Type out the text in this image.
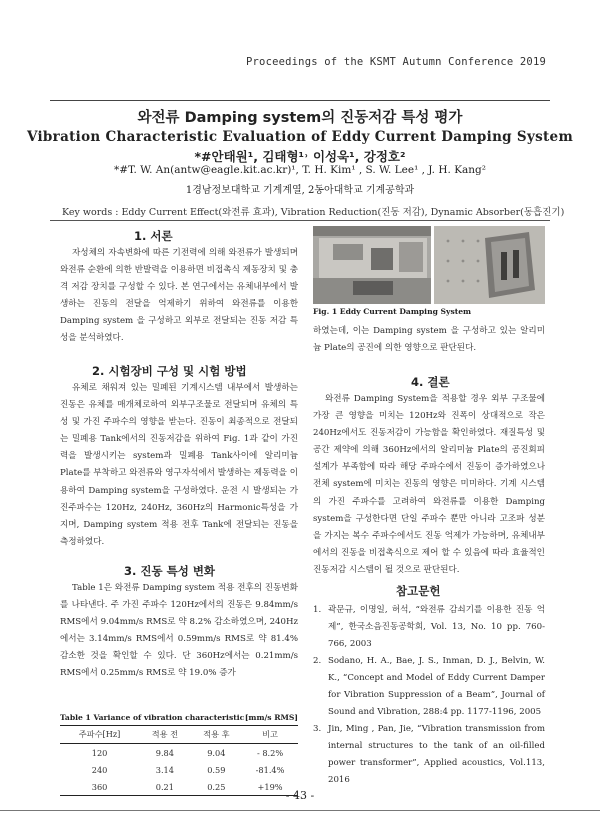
Proceedings of the KSMT Autumn Conference 2019
와전류 Damping system의 진동저감 특성 평가
Vibration Characteristic Evaluation of Eddy Current Damping System
*#안태원¹, 김태형¹˒ 이성욱¹, 강정호²
*#T. W. An(antw@eagle.kit.ac.kr)¹, T. H. Kim¹ , S. W. Lee¹ , J. H. Kang²
1경남정보대학교 기계계열, 2동아대학교 기계공학과
Key words : Eddy Current Effect(와전류 효과), Vibration Reduction(진동 저감), Dynamic Absorber(동흡진기)
1. 서론

자성체의 자속변화에 따른 기전력에 의해 와전류가 발생되며 와전류 순환에 의한 반발력을 이용하면 비접촉식 제동장치 및 충격 저감 장치를 구성할 수 있다. 본 연구에서는 유체내부에서 발생하는 진동의 전달을 억제하기 위하여 와전류를 이용한 Damping system 을 구성하고 외부로 전달되는 진동 저감 특성을 분석하였다.

2. 시험장비 구성 및 시험 방법

유체로 채워져 있는 밀폐된 기계시스템 내부에서 발생하는 진동은 유체를 매개체로하여 외부구조물로 전달되며 유체의 특성 및 가진 주파수의 영향을 받는다. 진동이 최종적으로 전달되는 밀폐용 Tank에서의 진동저감을 위하여 Fig. 1과 같이 가진력을 발생시키는 system과 밀폐용 Tank사이에 알리미늄 Plate를 부착하고 와전류와 영구자석에서 발생하는 제동력을 이용하여 Damping system을 구성하였다. 운전 시 발생되는 가진주파수는 120Hz, 240Hz, 360Hz의 Harmonic특성을 가지며, Damping system 적용 전후 Tank에 전달되는 진동을 측정하였다.

3. 진동 특성 변화

Table 1은 와전류 Damping system 적용 전후의 진동변화를 나타낸다. 주 가진 주파수 120Hz에서의 진동은 9.84mm/s RMS에서 9.04mm/s RMS로 약 8.2% 감소하였으며, 240Hz에서는 3.14mm/s RMS에서 0.59mm/s RMS로 약 81.4% 감소한 것을 확인할 수 있다. 단 360Hz에서는 0.21mm/s RMS에서 0.25mm/s RMS로 약 19.0% 증가

Table 1 Variance of vibration characteristic [mm/s RMS]
주파수[Hz]	적용 전	적용 후	비고
120	9.84	9.04	- 8.2%
240	3.14	0.59	-81.4%
360	0.21	0.25	+19%
Fig. 1 Eddy Current Damping System

하였는데, 이는 Damping system 을 구성하고 있는 알리미늄 Plate의 공진에 의한 영향으로 판단된다.

4. 결론

와전류 Damping System을 적용할 경우 외부 구조물에 가장 큰 영향을 미치는 120Hz와 진폭이 상대적으로 작은 240Hz에서도 진동저감이 가능함을 확인하였다. 재질특성 및 공간 제약에 의해 360Hz에서의 알리미늄 Plate의 공진회피 설계가 부족함에 따라 해당 주파수에서 진동이 증가하였으나 전체 system에 미치는 진동의 영향은 미미하다. 기계 시스템의 가진 주파수를 고려하여 와전류를 이용한 Damping system을 구성한다면 단일 주파수 뿐만 아니라 고조파 성분을 가지는 복수 주파수에서도 진동 억제가 가능하며, 유체내부에서의 진동을 비접촉식으로 제어 할 수 있음에 따라 효율적인 진동저감 시스템이 될 것으로 판단된다.

참고문헌
1. 곽문규, 이명일, 허석, “와전류 감쇠기를 이용한 진동 억제”, 한국소음진동공학회, Vol. 13, No. 10 pp. 760-766, 2003
2. Sodano, H. A., Bae, J. S., Inman, D. J., Belvin, W. K., “Concept and Model of Eddy Current Damper for Vibration Suppression of a Beam”, Journal of Sound and Vibration, 288:4 pp. 1177-1196, 2005
3. Jin, Ming , Pan, Jie, “Vibration transmission from internal structures to the tank of an oil-filled power transformer”, Applied acoustics, Vol.113, 2016
- 43 -
